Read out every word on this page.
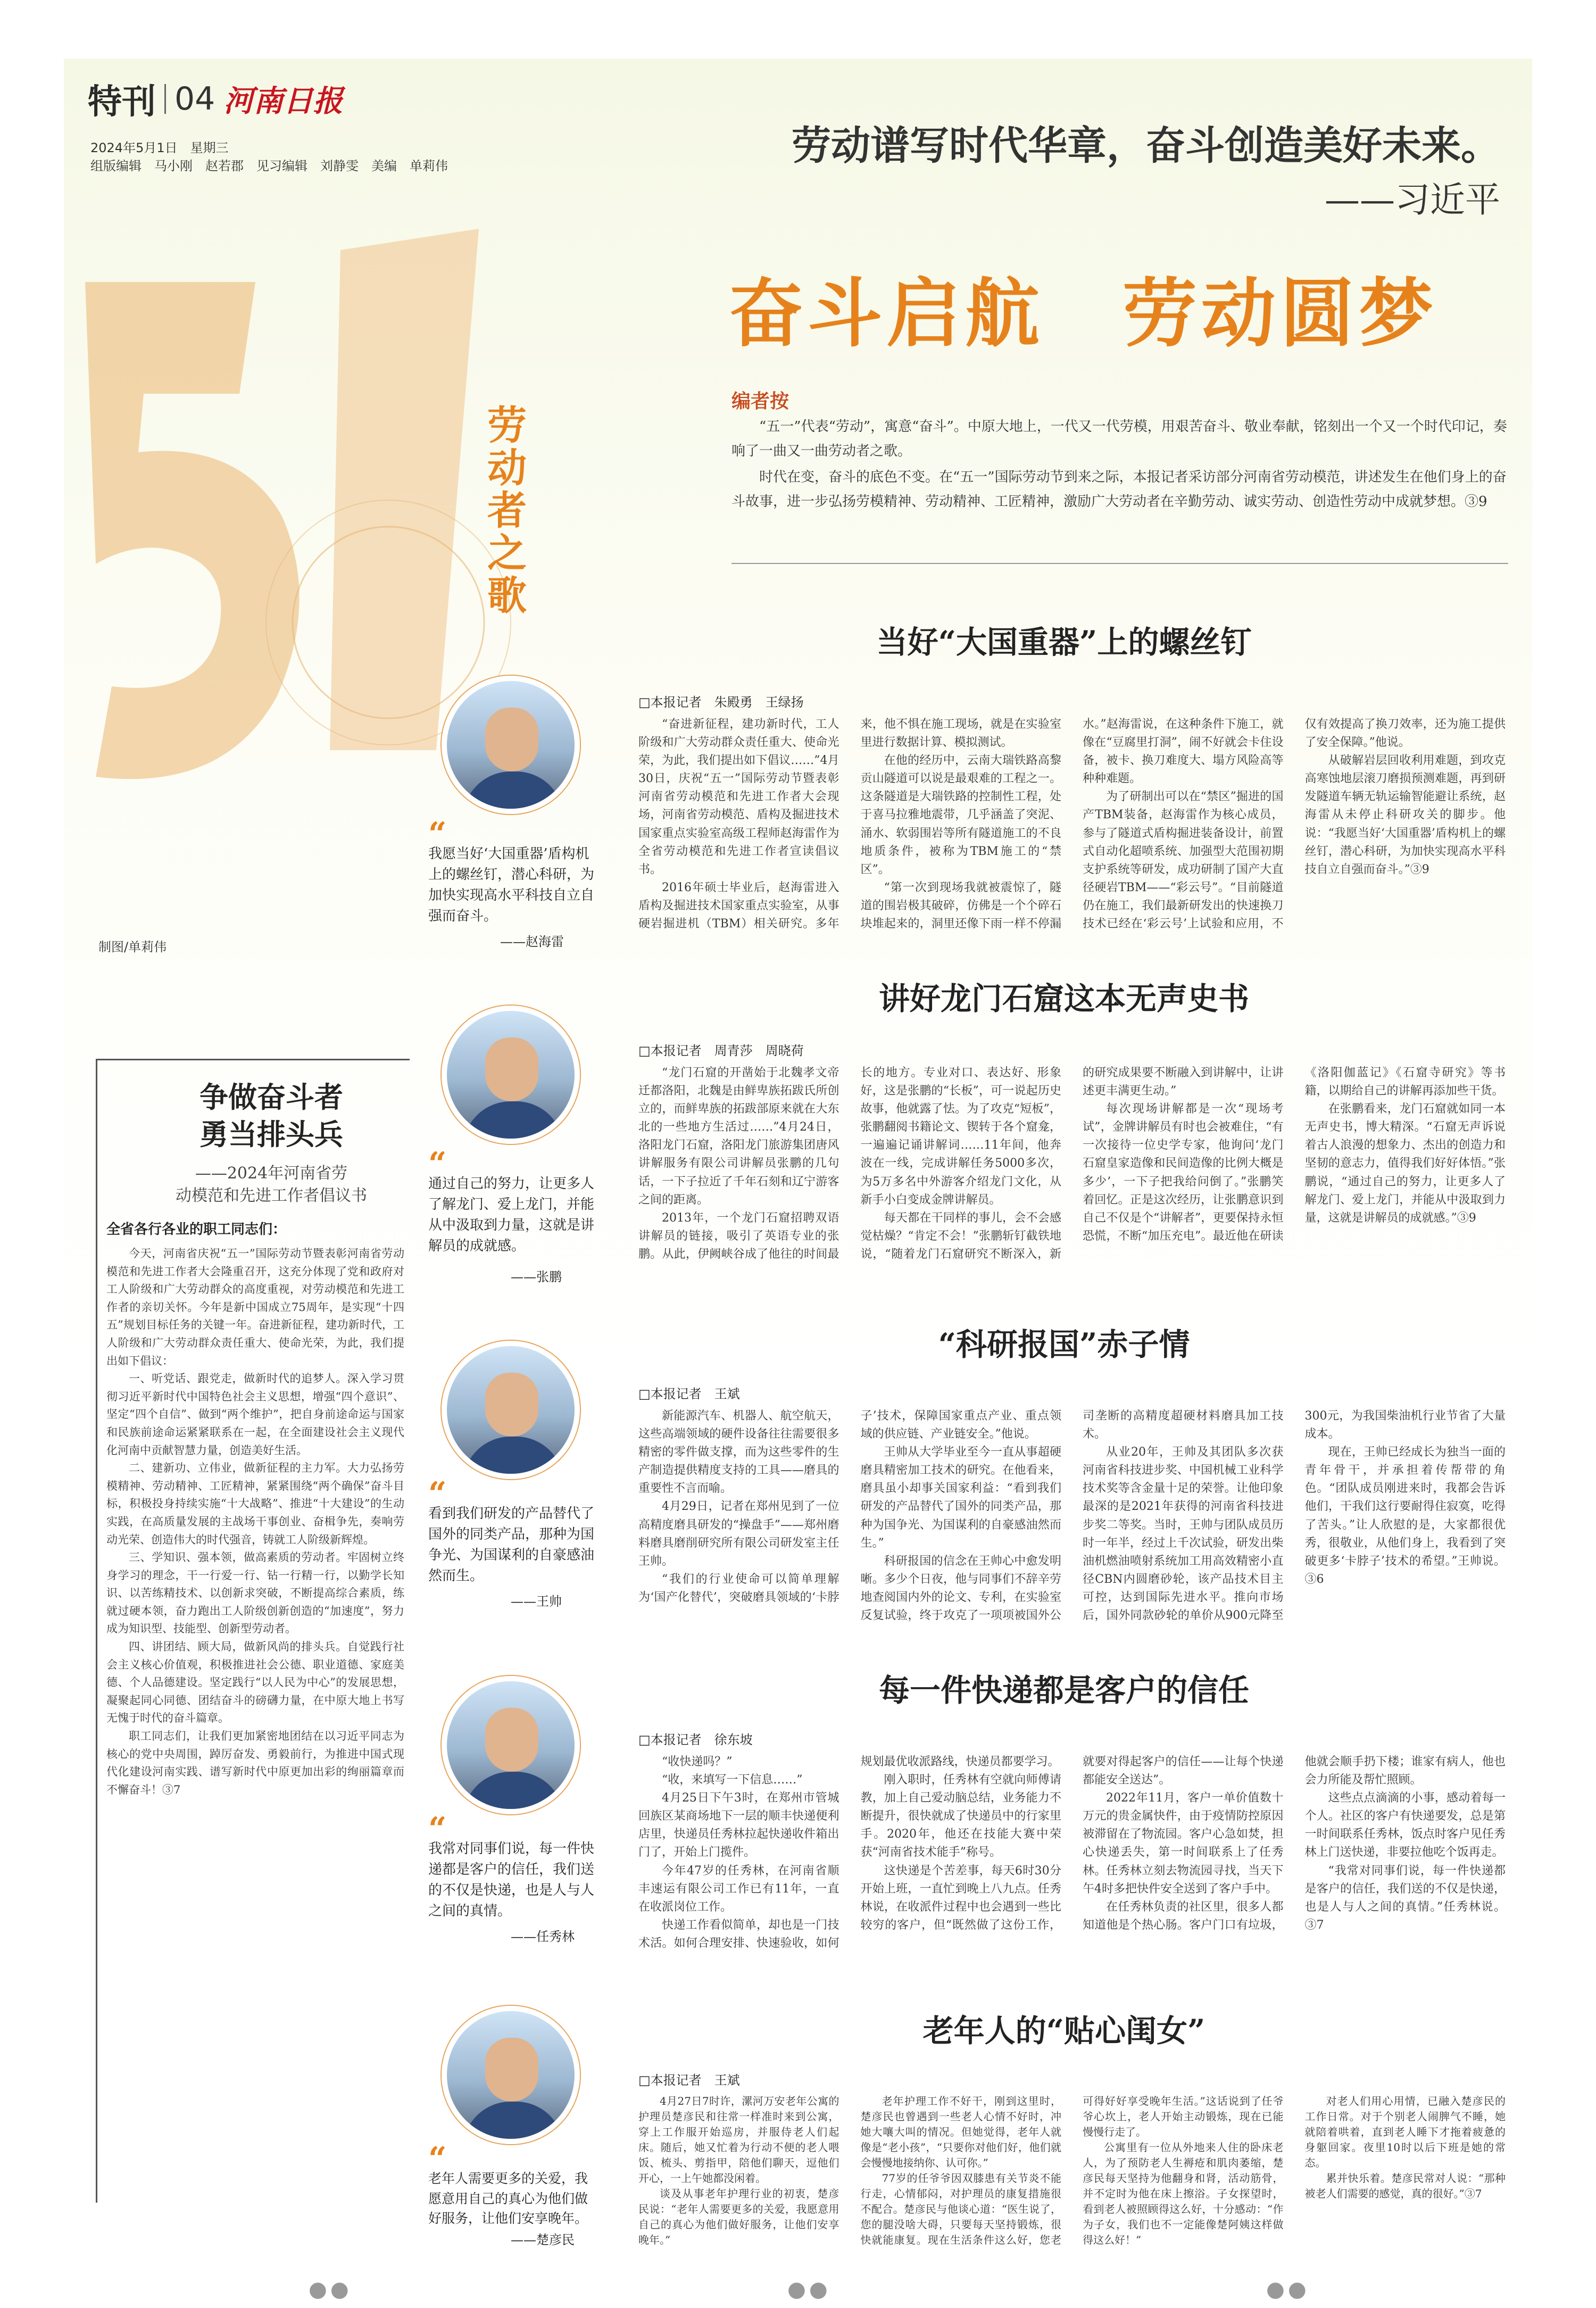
特刊 04 河南日报
2024年5月1日　星期三
组版编辑　马小刚　赵若郡　见习编辑　刘静雯　美编　单莉伟	劳动谱写时代华章，奋斗创造美好未来。
——习近平
奋斗启航　劳动圆梦
劳动者之歌
编者按

“五一”代表“劳动”，寓意“奋斗”。中原大地上，一代又一代劳模，用艰苦奋斗、敬业奉献，铭刻出一个又一个时代印记，奏响了一曲又一曲劳动者之歌。

时代在变，奋斗的底色不变。在“五一”国际劳动节到来之际，本报记者采访部分河南省劳动模范，讲述发生在他们身上的奋斗故事，进一步弘扬劳模精神、劳动精神、工匠精神，激励广大劳动者在辛勤劳动、诚实劳动、创造性劳动中成就梦想。③9

制图/单莉伟
当好“大国重器”上的螺丝钉
□本报记者　朱殿勇　王绿扬
“
我愿当好‘大国重器’盾构机上的螺丝钉，潜心科研，为加快实现高水平科技自立自强而奋斗。
——赵海雷

“奋进新征程，建功新时代，工人阶级和广大劳动群众责任重大、使命光荣，为此，我们提出如下倡议……”4月30日，庆祝“五一”国际劳动节暨表彰河南省劳动模范和先进工作者大会现场，河南省劳动模范、盾构及掘进技术国家重点实验室高级工程师赵海雷作为全省劳动模范和先进工作者宣读倡议书。

2016年硕士毕业后，赵海雷进入盾构及掘进技术国家重点实验室，从事硬岩掘进机（TBM）相关研究。多年来，他不惧在施工现场，就是在实验室里进行数据计算、模拟测试。

在他的经历中，云南大瑞铁路高黎贡山隧道可以说是最艰难的工程之一。这条隧道是大瑞铁路的控制性工程，处于喜马拉雅地震带，几乎涵盖了突泥、涌水、软弱围岩等所有隧道施工的不良地质条件，被称为TBM施工的“禁区”。

“第一次到现场我就被震惊了，隧道的围岩极其破碎，仿佛是一个个碎石块堆起来的，洞里还像下雨一样不停漏水。”赵海雷说，在这种条件下施工，就像在“豆腐里打洞”，闹不好就会卡住设备，被卡、换刀难度大、塌方风险高等种种难题。

为了研制出可以在“禁区”掘进的国产TBM装备，赵海雷作为核心成员，参与了隧道式盾构掘进装备设计，前置式自动化超喷系统、加强型大范围初期支护系统等研发，成功研制了国产大直径硬岩TBM——“彩云号”。“目前隧道仍在施工，我们最新研发出的快速换刀技术已经在‘彩云号’上试验和应用，不仅有效提高了换刀效率，还为施工提供了安全保障。”他说。

从破解岩层回收利用难题，到攻克高寒蚀地层滚刀磨损预测难题，再到研发隧道车辆无轨运输智能避让系统，赵海雷从未停止科研攻关的脚步。他说：“我愿当好‘大国重器’盾构机上的螺丝钉，潜心科研，为加快实现高水平科技自立自强而奋斗。”③9

讲好龙门石窟这本无声史书
□本报记者　周青莎　周晓荷
“
通过自己的努力，让更多人了解龙门、爱上龙门，并能从中汲取到力量，这就是讲解员的成就感。
——张鹏

“龙门石窟的开凿始于北魏孝文帝迁都洛阳，北魏是由鲜卑族拓跋氏所创立的，而鲜卑族的拓跋部原来就在大东北的一些地方生活过……”4月24日，洛阳龙门石窟，洛阳龙门旅游集团唐风讲解服务有限公司讲解员张鹏的几句话，一下子拉近了千年石刻和辽宁游客之间的距离。

2013年，一个龙门石窟招聘双语讲解员的链接，吸引了英语专业的张鹏。从此，伊阙峡谷成了他往的时间最长的地方。专业对口、表达好、形象好，这是张鹏的“长板”，可一说起历史故事，他就露了怯。为了攻克“短板”，张鹏翻阅书籍论文、锲转于各个窟龛，一遍遍记诵讲解词……11年间，他奔波在一线，完成讲解任务5000多次，为5万多名中外游客介绍龙门文化，从新手小白变成金牌讲解员。

每天都在干同样的事儿，会不会感觉枯燥？“肯定不会！”张鹏斩钉截铁地说，“随着龙门石窟研究不断深入，新的研究成果要不断融入到讲解中，让讲述更丰满更生动。”

每次现场讲解都是一次“现场考试”，金牌讲解员有时也会被难住，“有一次接待一位史学专家，他询问‘龙门石窟皇家造像和民间造像的比例大概是多少’，一下子把我给问倒了。”张鹏笑着回忆。正是这次经历，让张鹏意识到自己不仅是个“讲解者”，更要保持永恒恐慌，不断“加压充电”。最近他在研读《洛阳伽蓝记》《石窟寺研究》等书籍，以期给自己的讲解再添加些干货。

在张鹏看来，龙门石窟就如同一本无声史书，博大精深。“石窟无声诉说着古人浪漫的想象力、杰出的创造力和坚韧的意志力，值得我们好好体悟。”张鹏说，“通过自己的努力，让更多人了解龙门、爱上龙门，并能从中汲取到力量，这就是讲解员的成就感。”③9

“科研报国”赤子情
□本报记者　王斌
“
看到我们研发的产品替代了国外的同类产品，那种为国争光、为国谋利的自豪感油然而生。
——王帅

新能源汽车、机器人、航空航天，这些高端领域的硬件设备往往需要很多精密的零件做支撑，而为这些零件的生产制造提供精度支持的工具——磨具的重要性不言而喻。

4月29日，记者在郑州见到了一位高精度磨具研发的“操盘手”——郑州磨料磨具磨削研究所有限公司研发室主任王帅。

“我们的行业使命可以简单理解为‘国产化替代’，突破磨具领域的‘卡脖子’技术，保障国家重点产业、重点领域的供应链、产业链安全。”他说。

王帅从大学毕业至今一直从事超硬磨具精密加工技术的研究。在他看来，磨具虽小却事关国家利益：“看到我们研发的产品替代了国外的同类产品，那种为国争光、为国谋利的自豪感油然而生。”

科研报国的信念在王帅心中愈发明晰。多少个日夜，他与同事们不辞辛劳地查阅国内外的论文、专利，在实验室反复试验，终于攻克了一项项被国外公司垄断的高精度超硬材料磨具加工技术。

从业20年，王帅及其团队多次获河南省科技进步奖、中国机械工业科学技术奖等含金量十足的荣誉。让他印象最深的是2021年获得的河南省科技进步奖二等奖。当时，王帅与团队成员历时一年半，经过上千次试验，研发出柴油机燃油喷射系统加工用高效精密小直径CBN内圆磨砂轮，该产品技术目主可控，达到国际先进水平。推向市场后，国外同款砂轮的单价从900元降至300元，为我国柴油机行业节省了大量成本。

现在，王帅已经成长为独当一面的青年骨干，并承担着传帮带的角色。“团队成员刚进来时，我都会告诉他们，干我们这行要耐得住寂寞，吃得了苦头。”让人欣慰的是，大家都很优秀，很敬业，从他们身上，我看到了突破更多‘卡脖子’技术的希望。”王帅说。③6

每一件快递都是客户的信任
□本报记者　徐东坡
“
我常对同事们说，每一件快递都是客户的信任，我们送的不仅是快递，也是人与人之间的真情。
——任秀林

“收快递吗？”

“收，来填写一下信息……”

4月25日下午3时，在郑州市管城回族区某商场地下一层的顺丰快递便利店里，快递员任秀林拉起快递收件箱出门了，开始上门揽件。

今年47岁的任秀林，在河南省顺丰速运有限公司工作已有11年，一直在收派岗位工作。

快递工作看似简单，却也是一门技术活。如何合理安排、快速验收，如何规划最优收派路线，快递员都要学习。

刚入职时，任秀林有空就向师傅请教，加上自己爱动脑总结，业务能力不断提升，很快就成了快递员中的行家里手。2020年，他还在技能大赛中荣获“河南省技术能手”称号。

这快递是个苦差事，每天6时30分开始上班，一直忙到晚上八九点。任秀林说，在收派件过程中也会遇到一些比较穷的客户，但“既然做了这份工作，就要对得起客户的信任——让每个快递都能安全送达”。

2022年11月，客户一单价值数十万元的贵金属快件，由于疫情防控原因被滞留在了物流园。客户心急如焚，担心快递丢失，第一时间联系上了任秀林。任秀林立刻去物流园寻找，当天下午4时多把快件安全送到了客户手中。

在任秀林负责的社区里，很多人都知道他是个热心肠。客户门口有垃圾，他就会顺手扔下楼；谁家有病人，他也会力所能及帮忙照顾。

这些点点滴滴的小事，感动着每一个人。社区的客户有快递要发，总是第一时间联系任秀林，饭点时客户见任秀林上门送快递，非要拉他吃个饭再走。

“我常对同事们说，每一件快递都是客户的信任，我们送的不仅是快递，也是人与人之间的真情。”任秀林说。③7

老年人的“贴心闺女”
□本报记者　王斌
“
老年人需要更多的关爱，我愿意用自己的真心为他们做好服务，让他们安享晚年。
——楚彦民

4月27日7时许，漯河万安老年公寓的护理员楚彦民和往常一样准时来到公寓，穿上工作服开始巡房，并服侍老人们起床。随后，她又忙着为行动不便的老人喂饭、梳头、剪指甲，陪他们聊天，逗他们开心，一上午她都没闲着。

谈及从事老年护理行业的初衷，楚彦民说：“老年人需要更多的关爱，我愿意用自己的真心为他们做好服务，让他们安享晚年。”

老年护理工作不好干，刚到这里时，楚彦民也曾遇到一些老人心情不好时，冲她大嚷大叫的情况。但她觉得，老年人就像是“老小孩”，“只要你对他们好，他们就会慢慢地接纳你、认可你。”

77岁的任爷爷因双膝患有关节炎不能行走，心情郁闷，对护理员的康复措施很不配合。楚彦民与他谈心道：“医生说了，您的腿没啥大碍，只要每天坚持锻炼，很快就能康复。现在生活条件这么好，您老可得好好享受晚年生活。”这话说到了任爷爷心坎上，老人开始主动锻炼，现在已能慢慢行走了。

公寓里有一位从外地来人住的卧床老人，为了预防老人生褥疮和肌肉萎缩，楚彦民每天坚持为他翻身和肾，活动筋骨，并不定时为他在床上擦浴。子女探望时，看到老人被照顾得这么好，十分感动：“作为子女，我们也不一定能像楚阿姨这样做得这么好！”

对老人们用心用情，已融入楚彦民的工作日常。对于个别老人闹脾气不睡，她就陪着哄着，直到老人睡下才拖着疲惫的身躯回家。夜里10时以后下班是她的常态。

累并快乐着。楚彦民常对人说：“那种被老人们需要的感觉，真的很好。”③7

争做奋斗者
勇当排头兵
——2024年河南省劳
动模范和先进工作者倡议书
全省各行各业的职工同志们：

今天，河南省庆祝“五一”国际劳动节暨表彰河南省劳动模范和先进工作者大会隆重召开，这充分体现了党和政府对工人阶级和广大劳动群众的高度重视，对劳动模范和先进工作者的亲切关怀。今年是新中国成立75周年，是实现“十四五”规划目标任务的关键一年。奋进新征程，建功新时代，工人阶级和广大劳动群众责任重大、使命光荣，为此，我们提出如下倡议：

一、听党话、跟党走，做新时代的追梦人。深入学习贯彻习近平新时代中国特色社会主义思想，增强“四个意识”、坚定“四个自信”、做到“两个维护”，把自身前途命运与国家和民族前途命运紧紧联系在一起，在全面建设社会主义现代化河南中贡献智慧力量，创造美好生活。

二、建新功、立伟业，做新征程的主力军。大力弘扬劳模精神、劳动精神、工匠精神，紧紧围绕“两个确保”奋斗目标，积极投身持续实施“十大战略”、推进“十大建设”的生动实践，在高质量发展的主战场干事创业、奋楫争先，奏响劳动光荣、创造伟大的时代强音，铸就工人阶级新辉煌。

三、学知识、强本领，做高素质的劳动者。牢固树立终身学习的理念，干一行爱一行、钻一行精一行，以勤学长知识、以苦练精技术、以创新求突破，不断提高综合素质，练就过硬本领，奋力跑出工人阶级创新创造的“加速度”，努力成为知识型、技能型、创新型劳动者。

四、讲团结、顾大局，做新风尚的排头兵。自觉践行社会主义核心价值观，积极推进社会公德、职业道德、家庭美德、个人品德建设。坚定践行“以人民为中心”的发展思想，凝聚起同心同德、团结奋斗的磅礴力量，在中原大地上书写无愧于时代的奋斗篇章。

职工同志们，让我们更加紧密地团结在以习近平同志为核心的党中央周围，踔厉奋发、勇毅前行，为推进中国式现代化建设河南实践、谱写新时代中原更加出彩的绚丽篇章而不懈奋斗！③7

●●	●●	●●
